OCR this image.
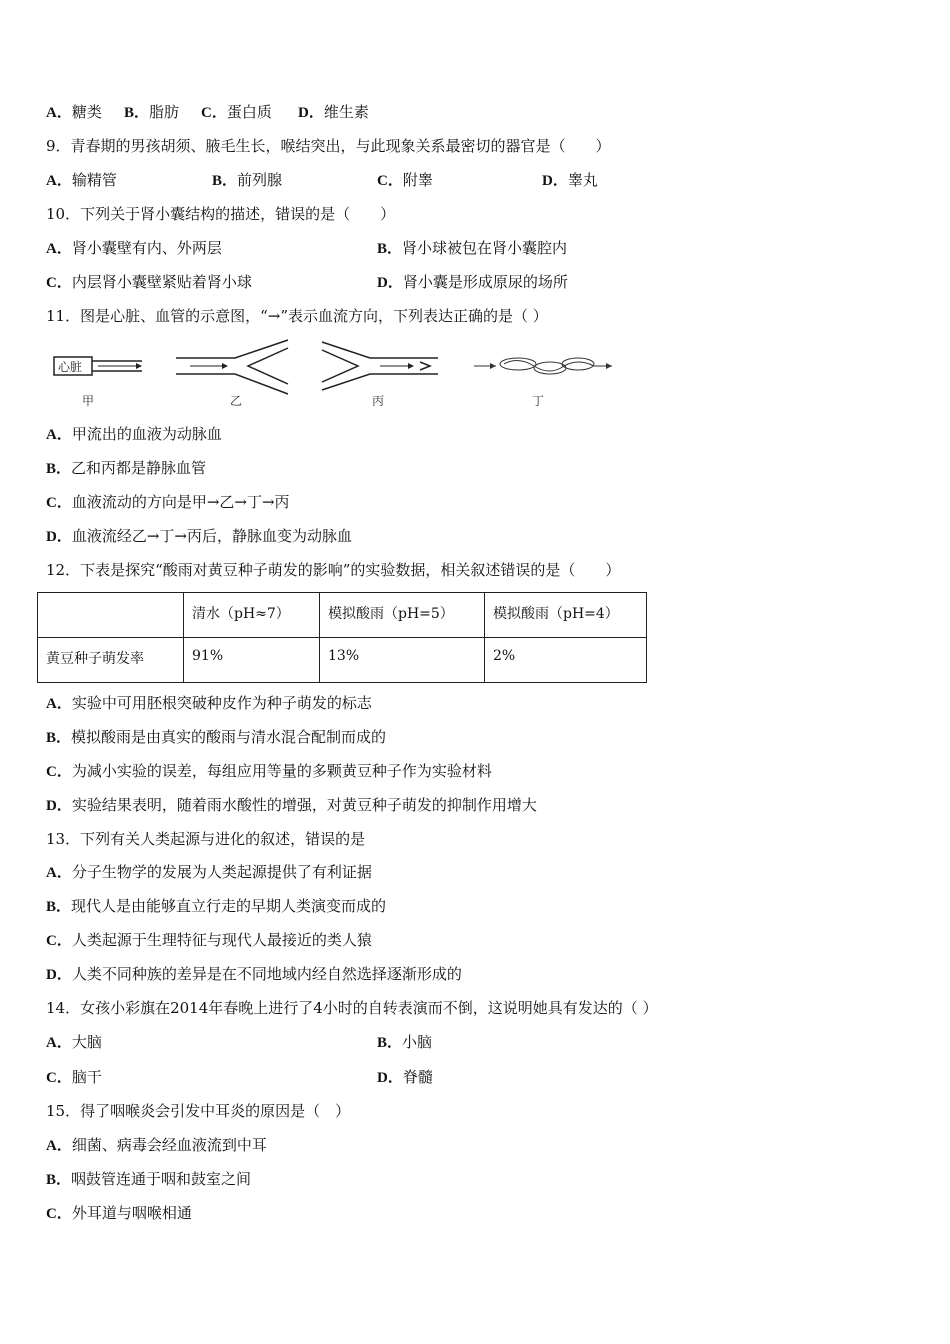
A．糖类 B．脂肪 C．蛋白质 D．维生素
9．青春期的男孩胡须、腋毛生长，喉结突出，与此现象关系最密切的器官是（　　）
A．输精管	B．前列腺	C．附睾	D．睾丸
10．下列关于肾小囊结构的描述，错误的是（　　）
A．肾小囊壁有内、外两层	B．肾小球被包在肾小囊腔内
C．内层肾小囊壁紧贴着肾小球	D．肾小囊是形成原尿的场所
11．图是心脏、血管的示意图，“→”表示血流方向，下列表达正确的是（ ）
心脏
甲	乙	丙	丁
A．甲流出的血液为动脉血
B．乙和丙都是静脉血管
C．血液流动的方向是甲→乙→丁→丙
D．血液流经乙→丁→丙后，静脉血变为动脉血
12．下表是探究“酸雨对黄豆种子萌发的影响”的实验数据，相关叙述错误的是（　　）
	清水（pH≈7）	模拟酸雨（pH=5）	模拟酸雨（pH=4）
黄豆种子萌发率	91%	13%	2%
A．实验中可用胚根突破种皮作为种子萌发的标志
B．模拟酸雨是由真实的酸雨与清水混合配制而成的
C．为减小实验的误差，每组应用等量的多颗黄豆种子作为实验材料
D．实验结果表明，随着雨水酸性的增强，对黄豆种子萌发的抑制作用增大
13．下列有关人类起源与进化的叙述，错误的是
A．分子生物学的发展为人类起源提供了有利证据
B．现代人是由能够直立行走的早期人类演变而成的
C．人类起源于生理特征与现代人最接近的类人猿
D．人类不同种族的差异是在不同地域内经自然选择逐渐形成的
14．女孩小彩旗在2014年春晚上进行了4小时的自转表演而不倒，这说明她具有发达的（ ）
A．大脑	B．小脑
C．脑干	D．脊髓
15．得了咽喉炎会引发中耳炎的原因是（　）
A．细菌、病毒会经血液流到中耳
B．咽鼓管连通于咽和鼓室之间
C．外耳道与咽喉相通
